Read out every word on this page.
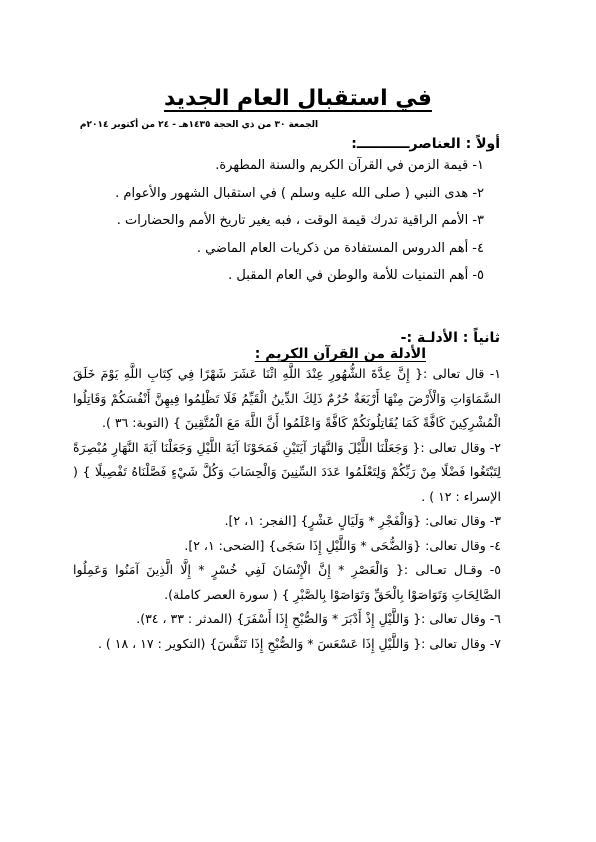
في استقبال العام الجديد
الجمعة ٣٠ من ذي الحجة ١٤٣٥هـ - ٢٤ من أكتوبر ٢٠١٤م
أولاً : العناصرـــــــــــ:
١- قيمة الزمن في القرآن الكريم والسنة المطهرة.
٢- هدى النبي ( صلى الله عليه وسلم ) في استقبال الشهور والأعوام .
٣- الأمم الراقية تدرك قيمة الوقت ، فبه يغير تاريخ الأمم والحضارات .
٤- أهم الدروس المستفادة من ذكريات العام الماضي .
٥- أهم التمنيات للأمة والوطن في العام المقبل .
ثانياً : الأدلـة :-
الأدلة من القرآن الكريم :
١- قال تعالى :{ إِنَّ عِدَّةَ الشُّهُورِ عِنْدَ اللَّهِ اثْنَا عَشَرَ شَهْرًا فِي كِتَابِ اللَّهِ يَوْمَ خَلَقَ السَّمَاوَاتِ وَالْأَرْضَ مِنْهَا أَرْبَعَةٌ حُرُمٌ ذَلِكَ الدِّينُ الْقَيِّمُ فَلَا تَظْلِمُوا فِيهِنَّ أَنْفُسَكُمْ وَقَاتِلُوا الْمُشْرِكِينَ كَافَّةً كَمَا يُقَاتِلُونَكُمْ كَافَّةً وَاعْلَمُوا أَنَّ اللَّهَ مَعَ الْمُتَّقِينَ } (التوبة: ٣٦ ).
٢- وقال تعالى :{ وَجَعَلْنَا اللَّيْلَ وَالنَّهَارَ آيَتَيْنِ فَمَحَوْنَا آيَةَ اللَّيْلِ وَجَعَلْنَا آيَةَ النَّهَارِ مُبْصِرَةً لِتَبْتَغُوا فَضْلًا مِنْ رَبِّكُمْ وَلِتَعْلَمُوا عَدَدَ السِّنِينَ وَالْحِسَابَ وَكُلَّ شَيْءٍ فَصَّلْنَاهُ تَفْصِيلًا } ( الإسراء : ١٢ ) .
٣- وقال تعالى: {وَالْفَجْرِ * وَلَيَالٍ عَشْرٍ} [الفجر: ١، ٢].
٤- وقال تعالى: {وَالضُّحَى * وَاللَّيْلِ إِذَا سَجَى} [الضحى: ١، ٢].
٥- وقـال تعـالى :{ وَالْعَصْرِ * إِنَّ الْإِنْسَانَ لَفِي خُسْرٍ * إِلَّا الَّذِينَ آمَنُوا وَعَمِلُوا الصَّالِحَاتِ وَتَوَاصَوْا بِالْحَقِّ وَتَوَاصَوْا بِالصَّبْرِ } ( سورة العصر كاملة).
٦- وقال تعالى :{ وَاللَّيْلِ إِذْ أَدْبَرَ * وَالصُّبْحِ إِذَا أَسْفَرَ} (المدثر : ٣٣ ، ٣٤).
٧- وقال تعالى :{ وَاللَّيْلِ إِذَا عَسْعَسَ * وَالصُّبْحِ إِذَا تَنَفَّسَ} (التكوير : ١٧ ، ١٨ ) .
